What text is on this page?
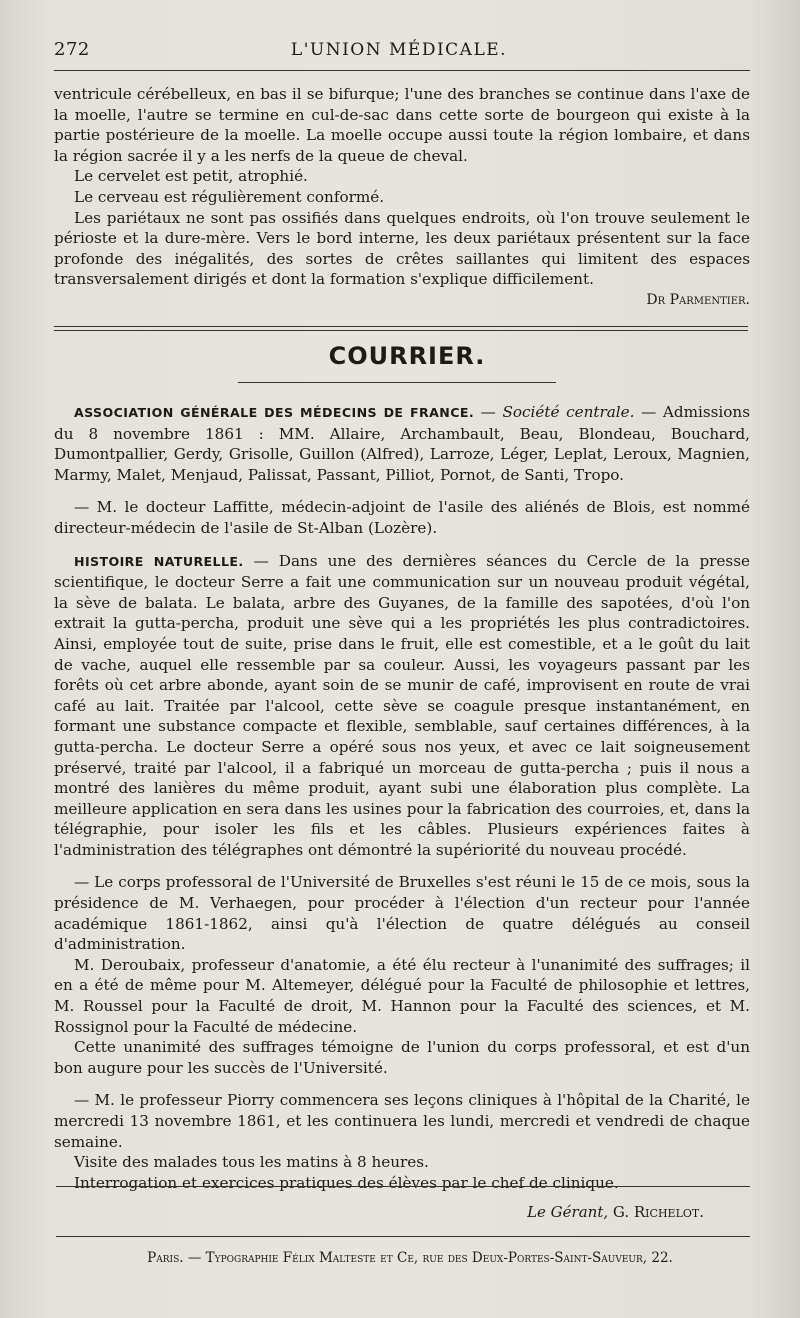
272	L'UNION MÉDICALE.

ventricule cérébelleux, en bas il se bifurque; l'une des branches se continue dans l'axe de la moelle, l'autre se termine en cul-de-sac dans cette sorte de bourgeon qui existe à la partie postérieure de la moelle. La moelle occupe aussi toute la région lombaire, et dans la région sacrée il y a les nerfs de la queue de cheval.

Le cervelet est petit, atrophié.

Le cerveau est régulièrement conformé.

Les pariétaux ne sont pas ossifiés dans quelques endroits, où l'on trouve seulement le périoste et la dure-mère. Vers le bord interne, les deux pariétaux présentent sur la face profonde des inégalités, des sortes de crêtes saillantes qui limitent des espaces transversalement dirigés et dont la formation s'explique difficilement.

Dr Parmentier.

COURRIER.

ASSOCIATION GÉNÉRALE DES MÉDECINS DE FRANCE. — Société centrale. — Admissions du 8 novembre 1861 : MM. Allaire, Archambault, Beau, Blondeau, Bouchard, Dumontpallier, Gerdy, Grisolle, Guillon (Alfred), Larroze, Léger, Leplat, Leroux, Magnien, Marmy, Malet, Menjaud, Palissat, Passant, Pilliot, Pornot, de Santi, Tropo.

— M. le docteur Laffitte, médecin-adjoint de l'asile des aliénés de Blois, est nommé directeur-médecin de l'asile de St-Alban (Lozère).

HISTOIRE NATURELLE. — Dans une des dernières séances du Cercle de la presse scientifique, le docteur Serre a fait une communication sur un nouveau produit végétal, la sève de balata. Le balata, arbre des Guyanes, de la famille des sapotées, d'où l'on extrait la gutta-percha, produit une sève qui a les propriétés les plus contradictoires. Ainsi, employée tout de suite, prise dans le fruit, elle est comestible, et a le goût du lait de vache, auquel elle ressemble par sa couleur. Aussi, les voyageurs passant par les forêts où cet arbre abonde, ayant soin de se munir de café, improvisent en route de vrai café au lait. Traitée par l'alcool, cette sève se coagule presque instantanément, en formant une substance compacte et flexible, semblable, sauf certaines différences, à la gutta-percha. Le docteur Serre a opéré sous nos yeux, et avec ce lait soigneusement préservé, traité par l'alcool, il a fabriqué un morceau de gutta-percha ; puis il nous a montré des lanières du même produit, ayant subi une élaboration plus complète. La meilleure application en sera dans les usines pour la fabrication des courroies, et, dans la télégraphie, pour isoler les fils et les câbles. Plusieurs expériences faites à l'administration des télégraphes ont démontré la supériorité du nouveau procédé.

— Le corps professoral de l'Université de Bruxelles s'est réuni le 15 de ce mois, sous la présidence de M. Verhaegen, pour procéder à l'élection d'un recteur pour l'année académique 1861-1862, ainsi qu'à l'élection de quatre délégués au conseil d'administration.

M. Deroubaix, professeur d'anatomie, a été élu recteur à l'unanimité des suffrages; il en a été de même pour M. Altemeyer, délégué pour la Faculté de philosophie et lettres, M. Roussel pour la Faculté de droit, M. Hannon pour la Faculté des sciences, et M. Rossignol pour la Faculté de médecine.

Cette unanimité des suffrages témoigne de l'union du corps professoral, et est d'un bon augure pour les succès de l'Université.

— M. le professeur Piorry commencera ses leçons cliniques à l'hôpital de la Charité, le mercredi 13 novembre 1861, et les continuera les lundi, mercredi et vendredi de chaque semaine.

Visite des malades tous les matins à 8 heures.

Interrogation et exercices pratiques des élèves par le chef de clinique.

Le Gérant, G. Richelot.
Paris. — Typographie Félix Malteste et Ce, rue des Deux-Portes-Saint-Sauveur, 22.
